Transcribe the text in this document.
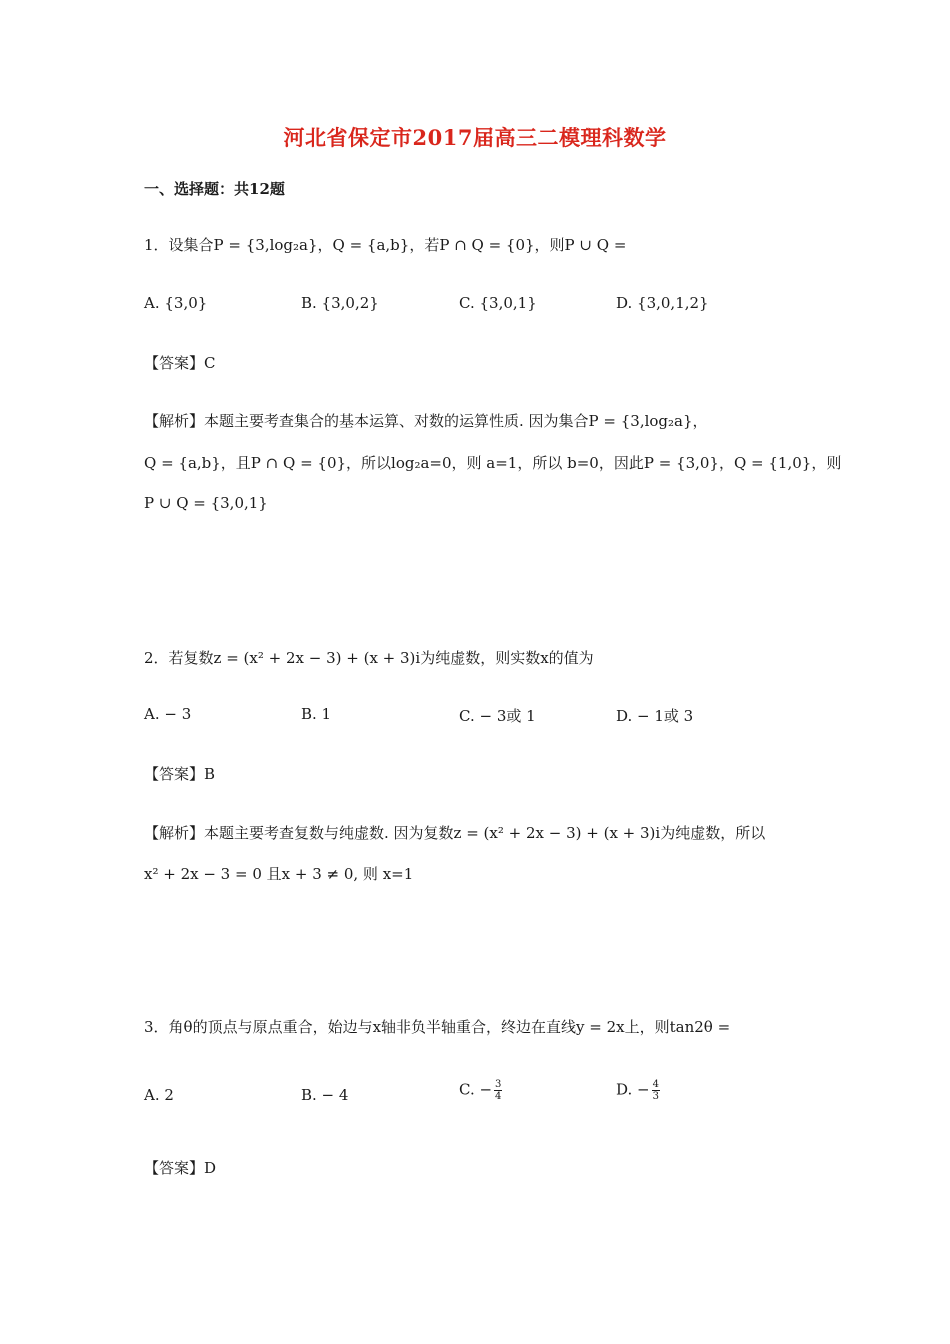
河北省保定市2017届高三二模理科数学
一、选择题：共12题
1．设集合P = {3,log₂a}，Q = {a,b}，若P ∩ Q = {0}，则P ∪ Q =
A. {3,0}	B. {3,0,2}	C. {3,0,1}	D. {3,0,1,2}
【答案】C
【解析】本题主要考查集合的基本运算、对数的运算性质. 因为集合P = {3,log₂a}，
Q = {a,b}，且P ∩ Q = {0}，所以log₂a=0，则 a=1，所以 b=0，因此P = {3,0}，Q = {1,0}，则
P ∪ Q = {3,0,1}
2．若复数z = (x² + 2x − 3) + (x + 3)i为纯虚数，则实数x的值为
A. − 3	B. 1	C. − 3或 1	D. − 1或 3
【答案】B
【解析】本题主要考查复数与纯虚数. 因为复数z = (x² + 2x − 3) + (x + 3)i为纯虚数，所以
x² + 2x − 3 = 0 且x + 3 ≠ 0, 则 x=1
3．角θ的顶点与原点重合，始边与x轴非负半轴重合，终边在直线y = 2x上，则tan2θ =
A. 2	B. − 4	C. − $\frac{3}{4}$	D. − $\frac{4}{3}$
【答案】D
